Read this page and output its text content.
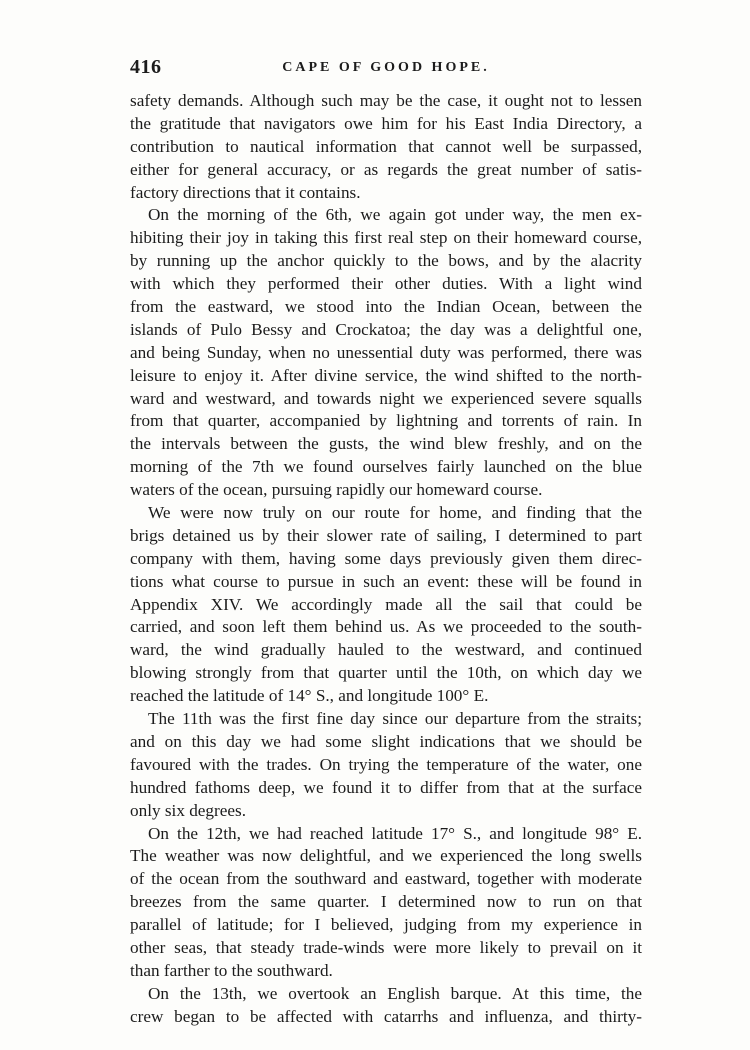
416	CAPE OF GOOD HOPE.
safety demands. Although such may be the case, it ought not to lessen
the gratitude that navigators owe him for his East India Directory, a
contribution to nautical information that cannot well be surpassed,
either for general accuracy, or as regards the great number of satis-
factory directions that it contains.
On the morning of the 6th, we again got under way, the men ex-
hibiting their joy in taking this first real step on their homeward course,
by running up the anchor quickly to the bows, and by the alacrity
with which they performed their other duties. With a light wind
from the eastward, we stood into the Indian Ocean, between the
islands of Pulo Bessy and Crockatoa; the day was a delightful one,
and being Sunday, when no unessential duty was performed, there was
leisure to enjoy it. After divine service, the wind shifted to the north-
ward and westward, and towards night we experienced severe squalls
from that quarter, accompanied by lightning and torrents of rain. In
the intervals between the gusts, the wind blew freshly, and on the
morning of the 7th we found ourselves fairly launched on the blue
waters of the ocean, pursuing rapidly our homeward course.
We were now truly on our route for home, and finding that the
brigs detained us by their slower rate of sailing, I determined to part
company with them, having some days previously given them direc-
tions what course to pursue in such an event: these will be found in
Appendix XIV. We accordingly made all the sail that could be
carried, and soon left them behind us. As we proceeded to the south-
ward, the wind gradually hauled to the westward, and continued
blowing strongly from that quarter until the 10th, on which day we
reached the latitude of 14° S., and longitude 100° E.
The 11th was the first fine day since our departure from the straits;
and on this day we had some slight indications that we should be
favoured with the trades. On trying the temperature of the water, one
hundred fathoms deep, we found it to differ from that at the surface
only six degrees.
On the 12th, we had reached latitude 17° S., and longitude 98° E.
The weather was now delightful, and we experienced the long swells
of the ocean from the southward and eastward, together with moderate
breezes from the same quarter. I determined now to run on that
parallel of latitude; for I believed, judging from my experience in
other seas, that steady trade-winds were more likely to prevail on it
than farther to the southward.
On the 13th, we overtook an English barque. At this time, the
crew began to be affected with catarrhs and influenza, and thirty-
